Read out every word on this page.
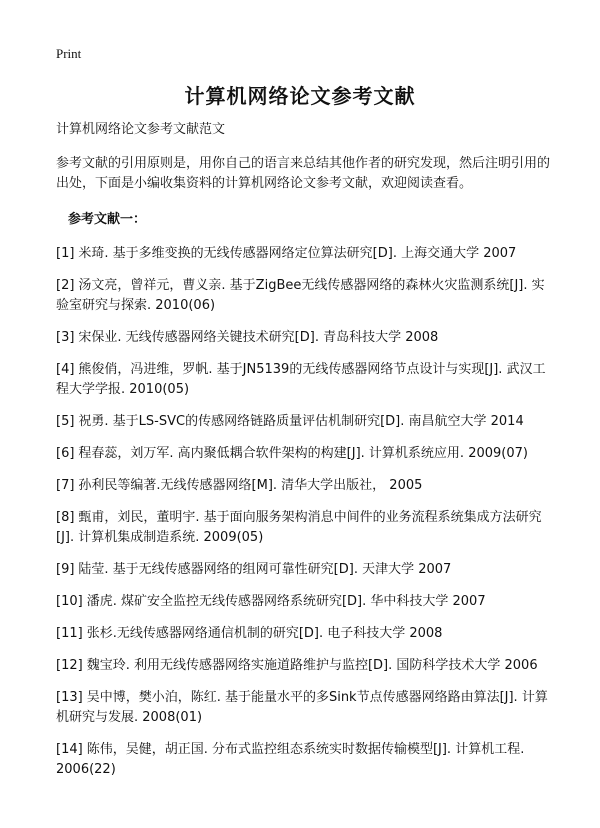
Print
计算机网络论文参考文献

计算机网络论文参考文献范文

参考文献的引用原则是，用你自己的语言来总结其他作者的研究发现，然后注明引用的出处，下面是小编收集资料的计算机网络论文参考文献，欢迎阅读查看。

参考文献一：

[1] 米琦. 基于多维变换的无线传感器网络定位算法研究[D]. 上海交通大学 2007
[2] 汤文亮，曾祥元，曹义亲. 基于ZigBee无线传感器网络的森林火灾监测系统[J]. 实验室研究与探索. 2010(06)
[3] 宋保业. 无线传感器网络关键技术研究[D]. 青岛科技大学 2008
[4] 熊俊俏，冯进维，罗帆. 基于JN5139的无线传感器网络节点设计与实现[J]. 武汉工程大学学报. 2010(05)
[5] 祝勇. 基于LS-SVC的传感网络链路质量评估机制研究[D]. 南昌航空大学 2014
[6] 程春蕊，刘万军. 高内聚低耦合软件架构的构建[J]. 计算机系统应用. 2009(07)
[7] 孙利民等编著.无线传感器网络[M]. 清华大学出版社， 2005
[8] 甄甫，刘民，董明宇. 基于面向服务架构消息中间件的业务流程系统集成方法研究[J]. 计算机集成制造系统. 2009(05)
[9] 陆莹. 基于无线传感器网络的组网可靠性研究[D]. 天津大学 2007
[10] 潘虎. 煤矿安全监控无线传感器网络系统研究[D]. 华中科技大学 2007
[11] 张杉.无线传感器网络通信机制的研究[D]. 电子科技大学 2008
[12] 魏宝玲. 利用无线传感器网络实施道路维护与监控[D]. 国防科学技术大学 2006
[13] 吴中博，樊小泊，陈红. 基于能量水平的多Sink节点传感器网络路由算法[J]. 计算机研究与发展. 2008(01)
[14] 陈伟，吴健，胡正国. 分布式监控组态系统实时数据传输模型[J]. 计算机工程. 2006(22)
